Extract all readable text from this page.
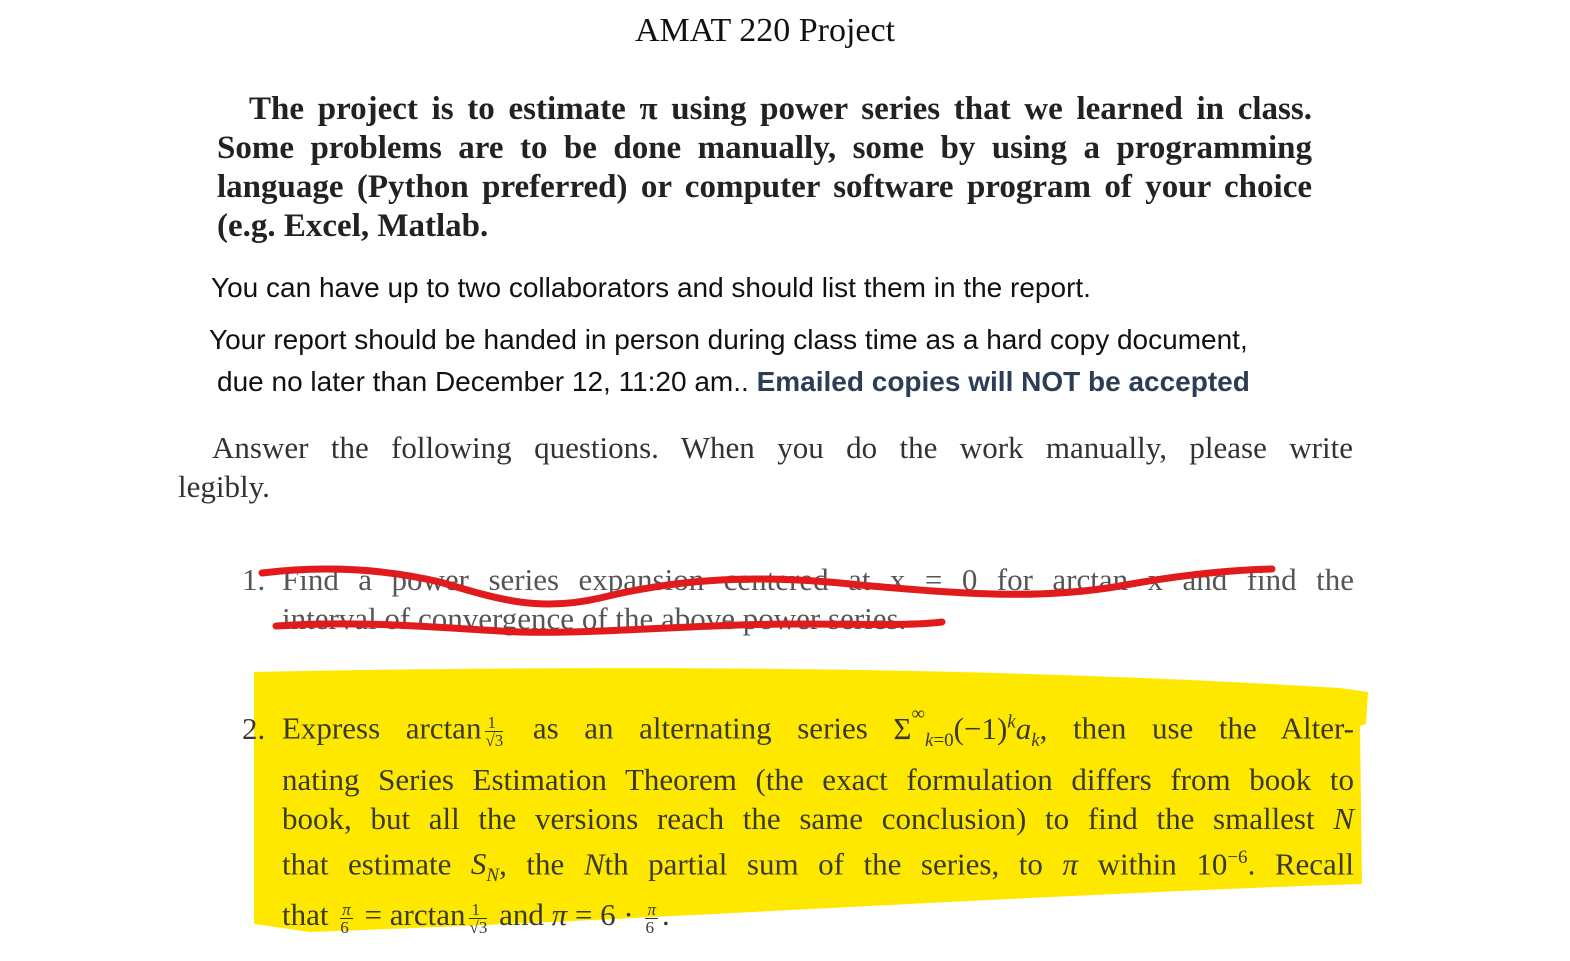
AMAT 220 Project
The project is to estimate π using power series that we learned in class. Some problems are to be done manually, some by using a programming language (Python preferred) or computer software program of your choice (e.g. Excel, Matlab.
You can have up to two collaborators and should list them in the report.
Your report should be handed in person during class time as a hard copy document,
due no later than December 12, 11:20 am.. Emailed copies will NOT be accepted
Answer the following questions. When you do the work manually, please write
legibly.
1. Find a power series expansion centered at x = 0 for arctan x and find the
interval of convergence of the above power series.
2. Express $\arctan \frac{1}{√3}$ as an alternating series $\Sigma^{^\infty}_{k=0}(-1)^ka_k$, then use the Alter-
nating Series Estimation Theorem (the exact formulation differs from book to
book, but all the versions reach the same conclusion) to find the smallest N
that estimate $S_N$, the Nth partial sum of the series, to π within $10^{-6}$. Recall
that $\frac{\pi}{6} = \arctan \frac{1}{√3}$ and $\pi = 6 \cdot \frac{\pi}{6}$ .
